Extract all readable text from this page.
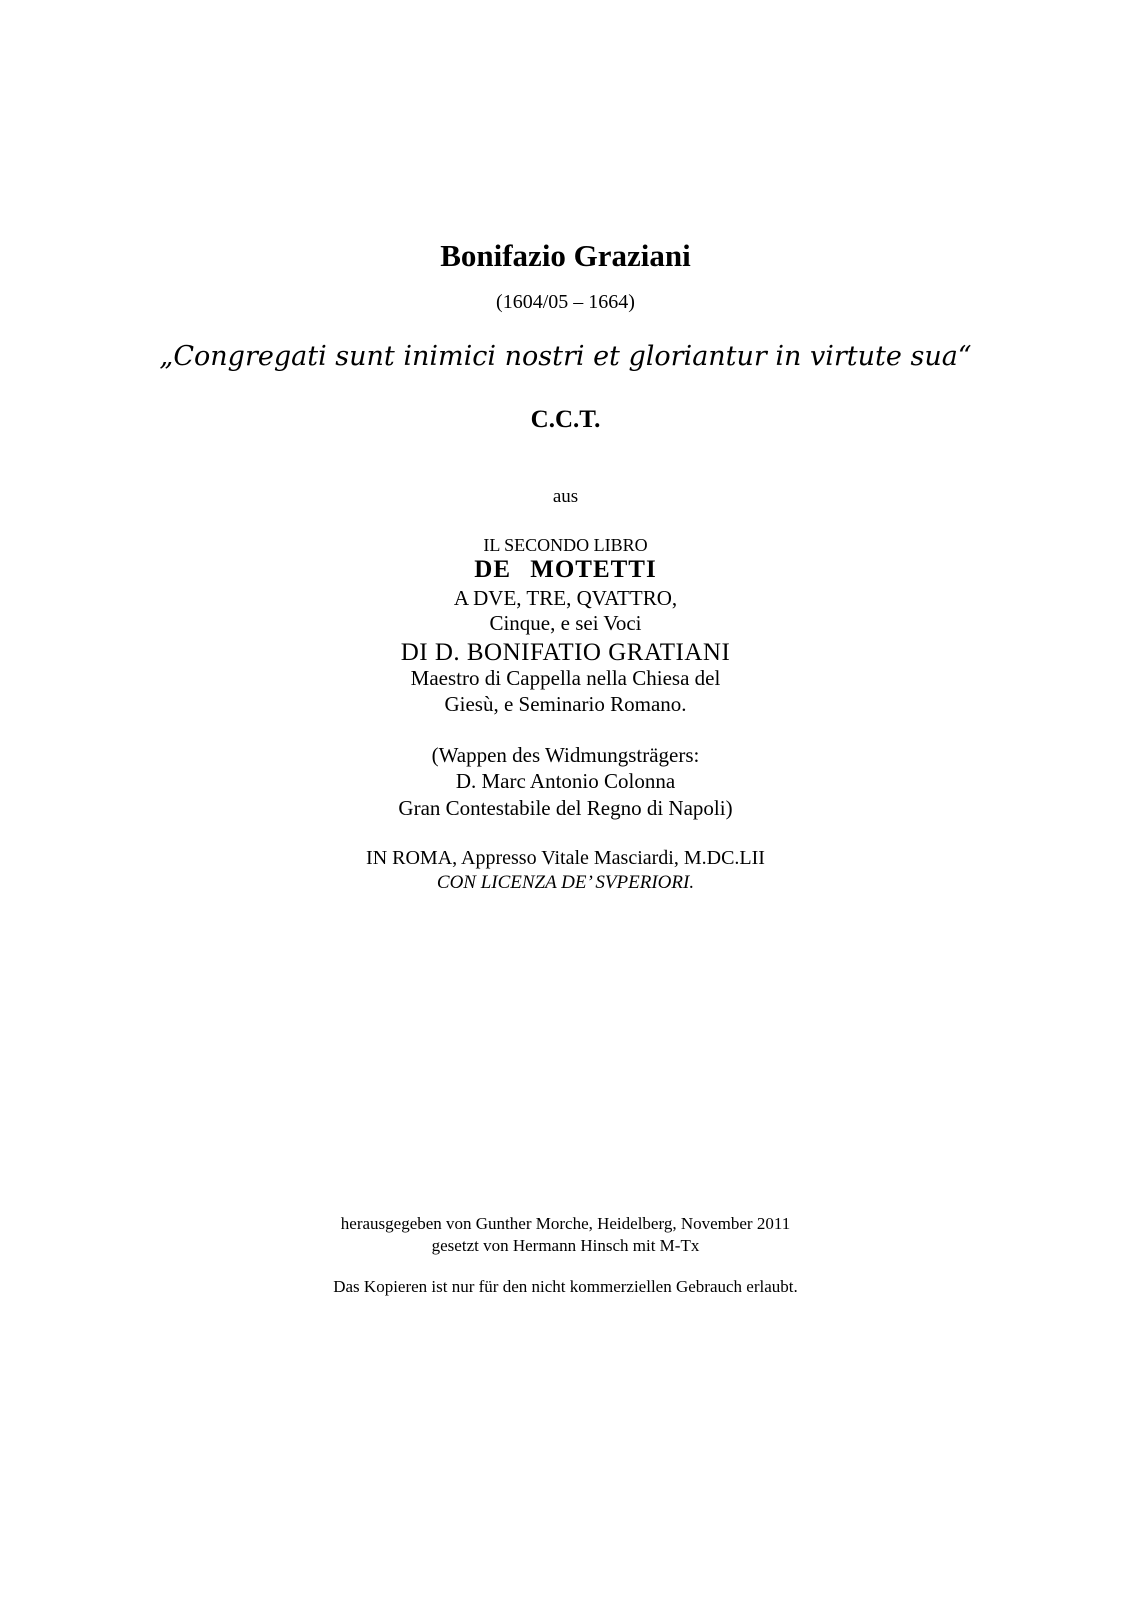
Bonifazio Graziani
(1604/05 – 1664)
„Congregati sunt inimici nostri et gloriantur in virtute sua“
C.C.T.
aus
IL SECONDO LIBRO
DE MOTETTI
A DVE, TRE, QVATTRO,
Cinque, e sei Voci
DI D. BONIFATIO GRATIANI
Maestro di Cappella nella Chiesa del
Giesù, e Seminario Romano.
(Wappen des Widmungsträgers:
D. Marc Antonio Colonna
Gran Contestabile del Regno di Napoli)
IN ROMA, Appresso Vitale Masciardi, M.DC.LII
CON LICENZA DE’ SVPERIORI.
herausgegeben von Gunther Morche, Heidelberg, November 2011
gesetzt von Hermann Hinsch mit M-Tx
Das Kopieren ist nur für den nicht kommerziellen Gebrauch erlaubt.
